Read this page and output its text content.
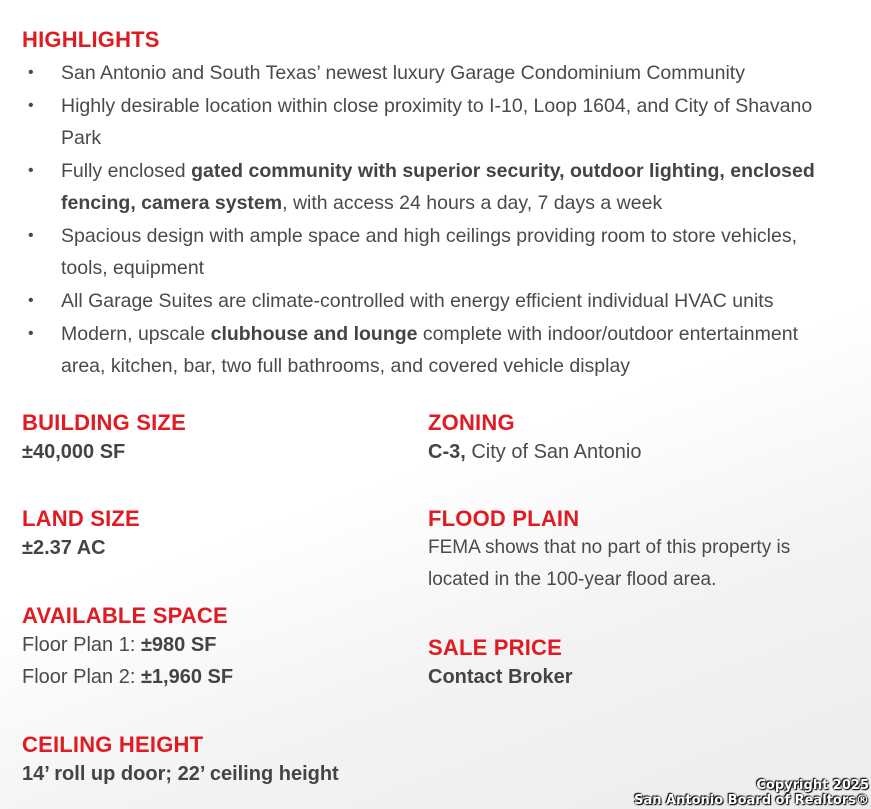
HIGHLIGHTS
• San Antonio and South Texas’ newest luxury Garage Condominium Community
• Highly desirable location within close proximity to I-10, Loop 1604, and City of Shavano Park
• Fully enclosed gated community with superior security, outdoor lighting, enclosed fencing, camera system, with access 24 hours a day, 7 days a week
• Spacious design with ample space and high ceilings providing room to store vehicles, tools, equipment
• All Garage Suites are climate-controlled with energy efficient individual HVAC units
• Modern, upscale clubhouse and lounge complete with indoor/outdoor entertainment area, kitchen, bar, two full bathrooms, and covered vehicle display
BUILDING SIZE
±40,000 SF
LAND SIZE
±2.37 AC
AVAILABLE SPACE
Floor Plan 1: ±980 SF
Floor Plan 2: ±1,960 SF
CEILING HEIGHT
14’ roll up door; 22’ ceiling height
ZONING
C-3, City of San Antonio
FLOOD PLAIN
FEMA shows that no part of this property is located in the 100-year flood area.
SALE PRICE
Contact Broker
Copyright 2025
San Antonio Board of Realtors®
